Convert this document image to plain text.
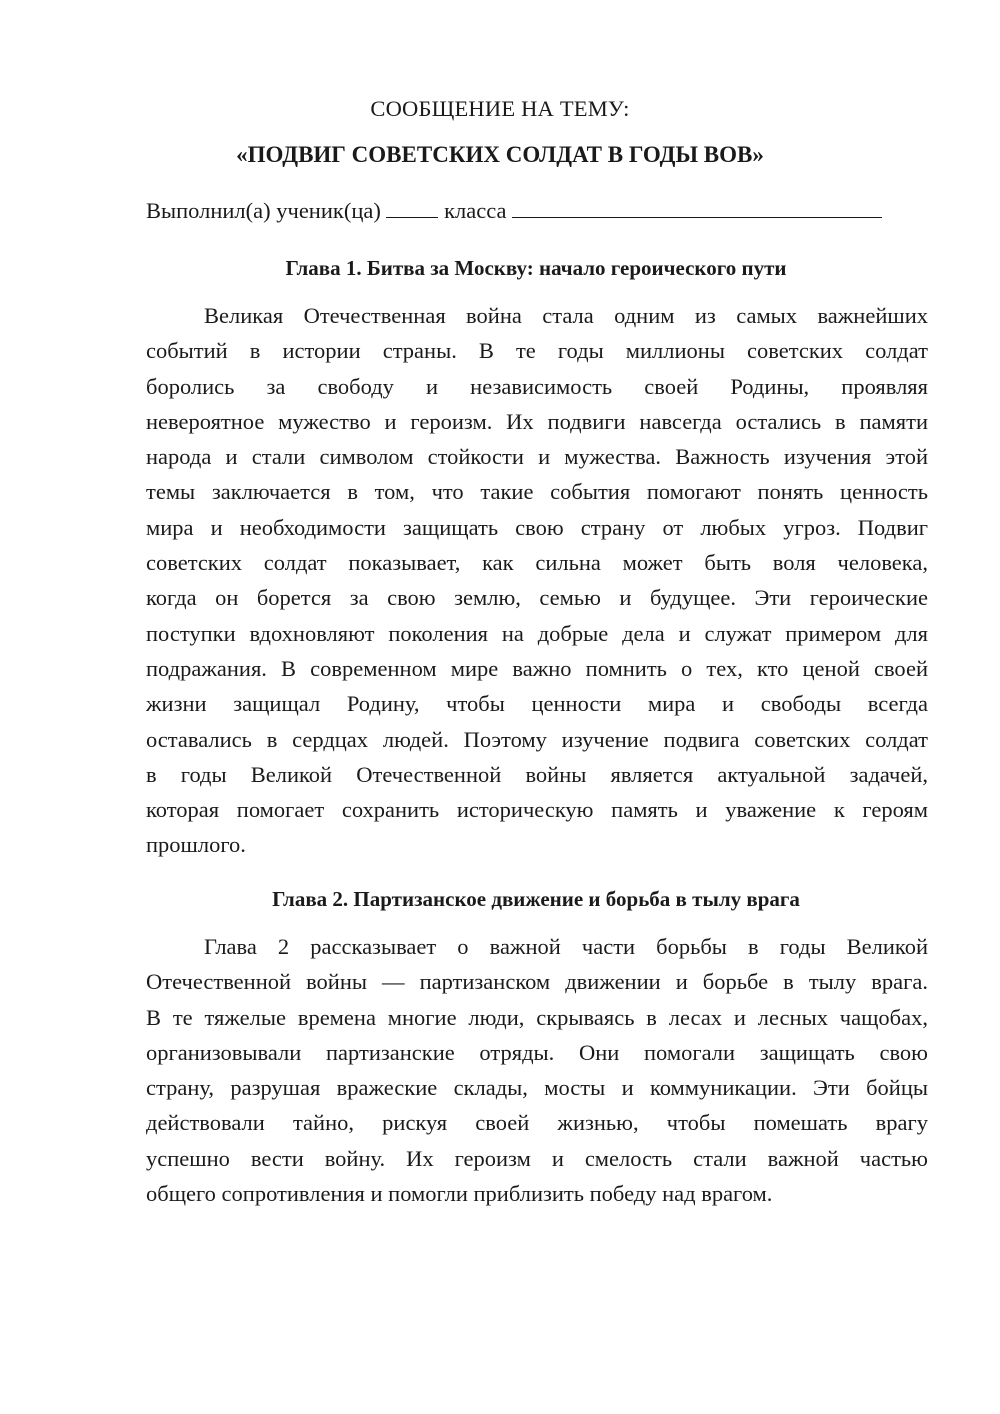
СООБЩЕНИЕ НА ТЕМУ:
«ПОДВИГ СОВЕТСКИХ СОЛДАТ В ГОДЫ ВОВ»
Выполнил(а) ученик(ца)	класса
Глава 1. Битва за Москву: начало героического пути
Великая Отечественная война стала одним из самых важнейших
событий в истории страны. В те годы миллионы советских солдат
боролись за свободу и независимость своей Родины, проявляя
невероятное мужество и героизм. Их подвиги навсегда остались в памяти
народа и стали символом стойкости и мужества. Важность изучения этой
темы заключается в том, что такие события помогают понять ценность
мира и необходимости защищать свою страну от любых угроз. Подвиг
советских солдат показывает, как сильна может быть воля человека,
когда он борется за свою землю, семью и будущее. Эти героические
поступки вдохновляют поколения на добрые дела и служат примером для
подражания. В современном мире важно помнить о тех, кто ценой своей
жизни защищал Родину, чтобы ценности мира и свободы всегда
оставались в сердцах людей. Поэтому изучение подвига советских солдат
в годы Великой Отечественной войны является актуальной задачей,
которая помогает сохранить историческую память и уважение к героям
прошлого.
Глава 2. Партизанское движение и борьба в тылу врага
Глава 2 рассказывает о важной части борьбы в годы Великой
Отечественной войны — партизанском движении и борьбе в тылу врага.
В те тяжелые времена многие люди, скрываясь в лесах и лесных чащобах,
организовывали партизанские отряды. Они помогали защищать свою
страну, разрушая вражеские склады, мосты и коммуникации. Эти бойцы
действовали тайно, рискуя своей жизнью, чтобы помешать врагу
успешно вести войну. Их героизм и смелость стали важной частью
общего сопротивления и помогли приблизить победу над врагом.
